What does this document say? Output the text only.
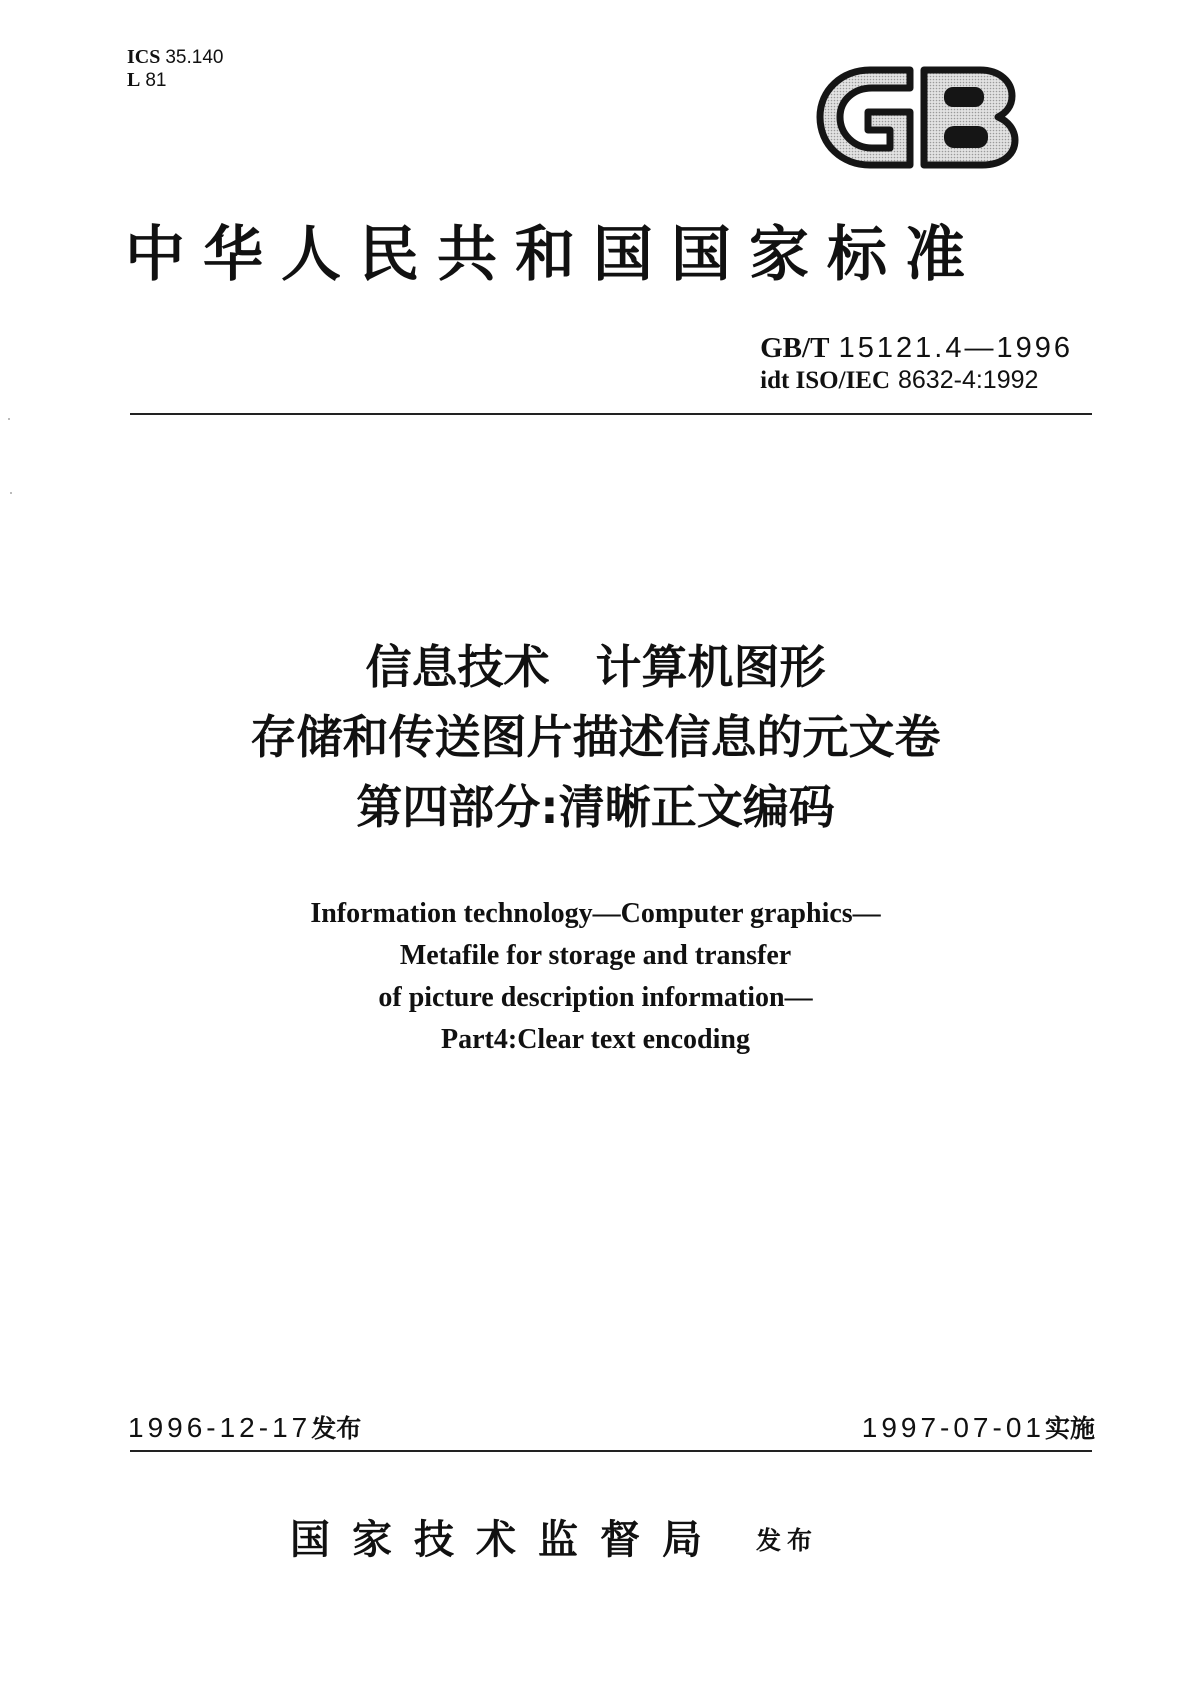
ICS 35.140
L 81
中华人民共和国国家标准
GB/T 15121.4—1996
idt ISO/IEC 8632-4:1992
信息技术　计算机图形
存储和传送图片描述信息的元文卷
第四部分:清晰正文编码
Information technology—Computer graphics—
Metafile for storage and transfer
of picture description information—
Part4:Clear text encoding
1996-12-17发布	1997-07-01实施
国家技术监督局 发布
